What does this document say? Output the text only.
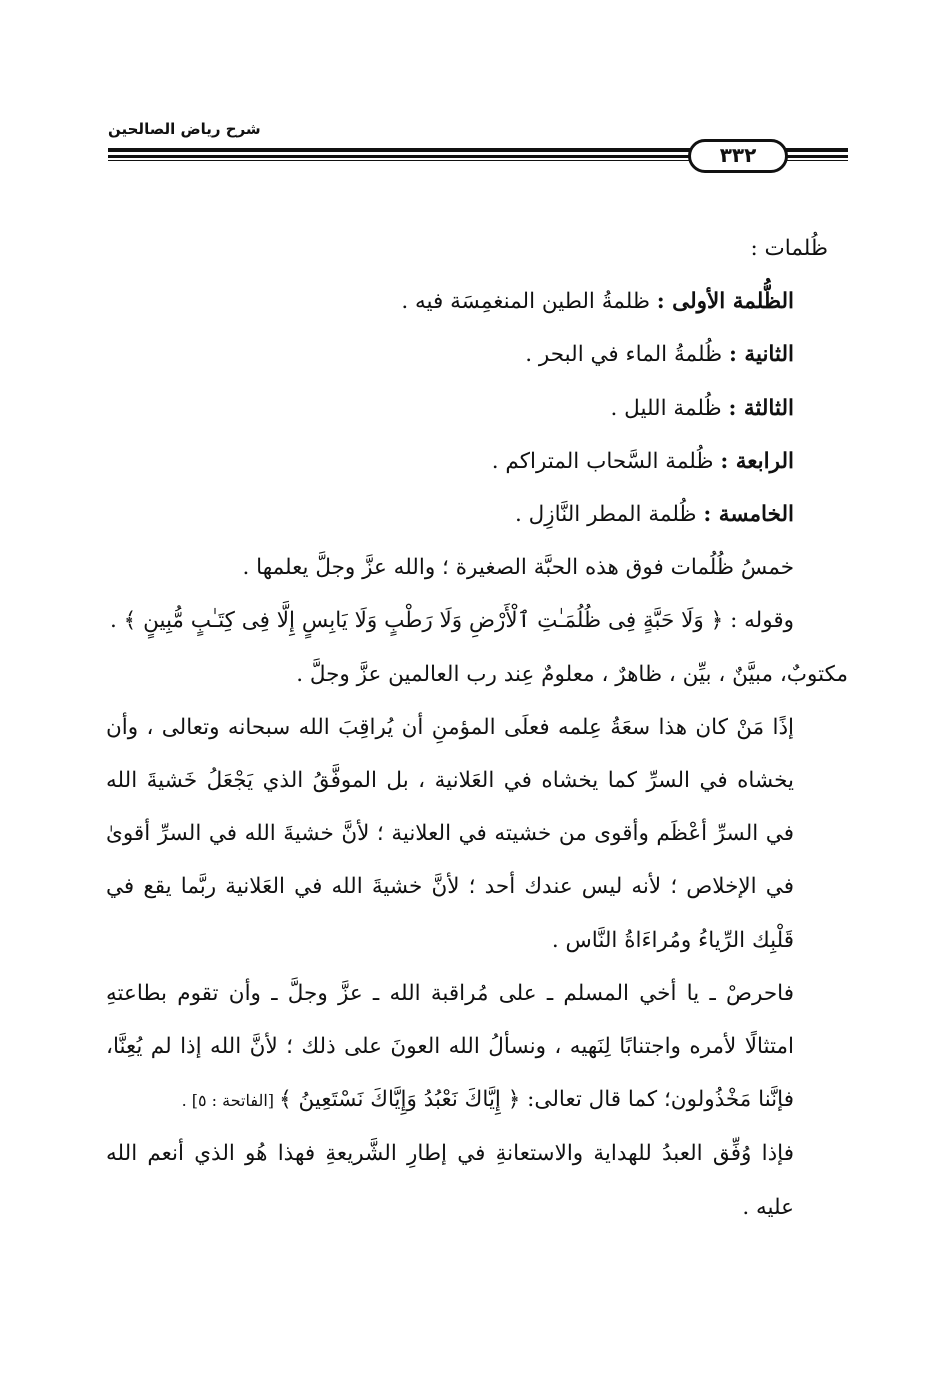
شرح رياض الصالحين
٣٣٢

ظُلمات :

الظُّلمة الأولى : ظلمةُ الطين المنغمِسَة فيه .

الثانية : ظُلمةُ الماء في البحر .

الثالثة : ظُلمة الليل .

الرابعة : ظُلمة السَّحاب المتراكم .

الخامسة : ظُلمة المطر النَّازِل .

خمسُ ظُلُمات فوق هذه الحبَّة الصغيرة ؛ والله عزَّ وجلَّ يعلمها .

وقوله : ﴿ وَلَا حَبَّةٍ فِى ظُلُمَـٰتِ ٱلْأَرْضِ وَلَا رَطْبٍ وَلَا يَابِسٍ إِلَّا فِى كِتَـٰبٍ مُّبِينٍ ﴾ .

مكتوبٌ، مبيَّنٌ ، بيِّن ، ظاهرٌ ، معلومٌ عِند رب العالمين عزَّ وجلَّ .

إذًا مَنْ كان هذا سعَةُ عِلمه فعلَى المؤمنِ أن يُراقِبَ الله سبحانه وتعالى ، وأن يخشاه في السرِّ كما يخشاه في العَلانية ، بل الموفَّقُ الذي يَجْعَلُ خَشيةَ الله في السرِّ أعْظَم وأقوى من خشيته في العلانية ؛ لأنَّ خشيةَ الله في السرِّ أقوىٰ في الإخلاص ؛ لأنه ليس عندك أحد ؛ لأنَّ خشيةَ الله في العَلانية ربَّما يقع في قَلْبِك الرِّياءُ ومُراءَاةُ النَّاس .

فاحرصْ ـ يا أخي المسلم ـ على مُراقبة الله ـ عزَّ وجلَّ ـ وأن تقوم بطاعتهِ امتثالًا لأمره واجتنابًا لِنَهيه ، ونسألُ الله العونَ على ذلك ؛ لأنَّ الله إذا لم يُعِنَّا، فإنَّنا مَخْذُولون؛ كما قال تعالى: ﴿ إِيَّاكَ نَعْبُدُ وَإِيَّاكَ نَسْتَعِينُ ﴾ [الفاتحة : ٥] .

فإذا وُفِّق العبدُ للهداية والاستعانةِ في إطارِ الشَّريعةِ فهذا هُو الذي أنعم الله عليه .
